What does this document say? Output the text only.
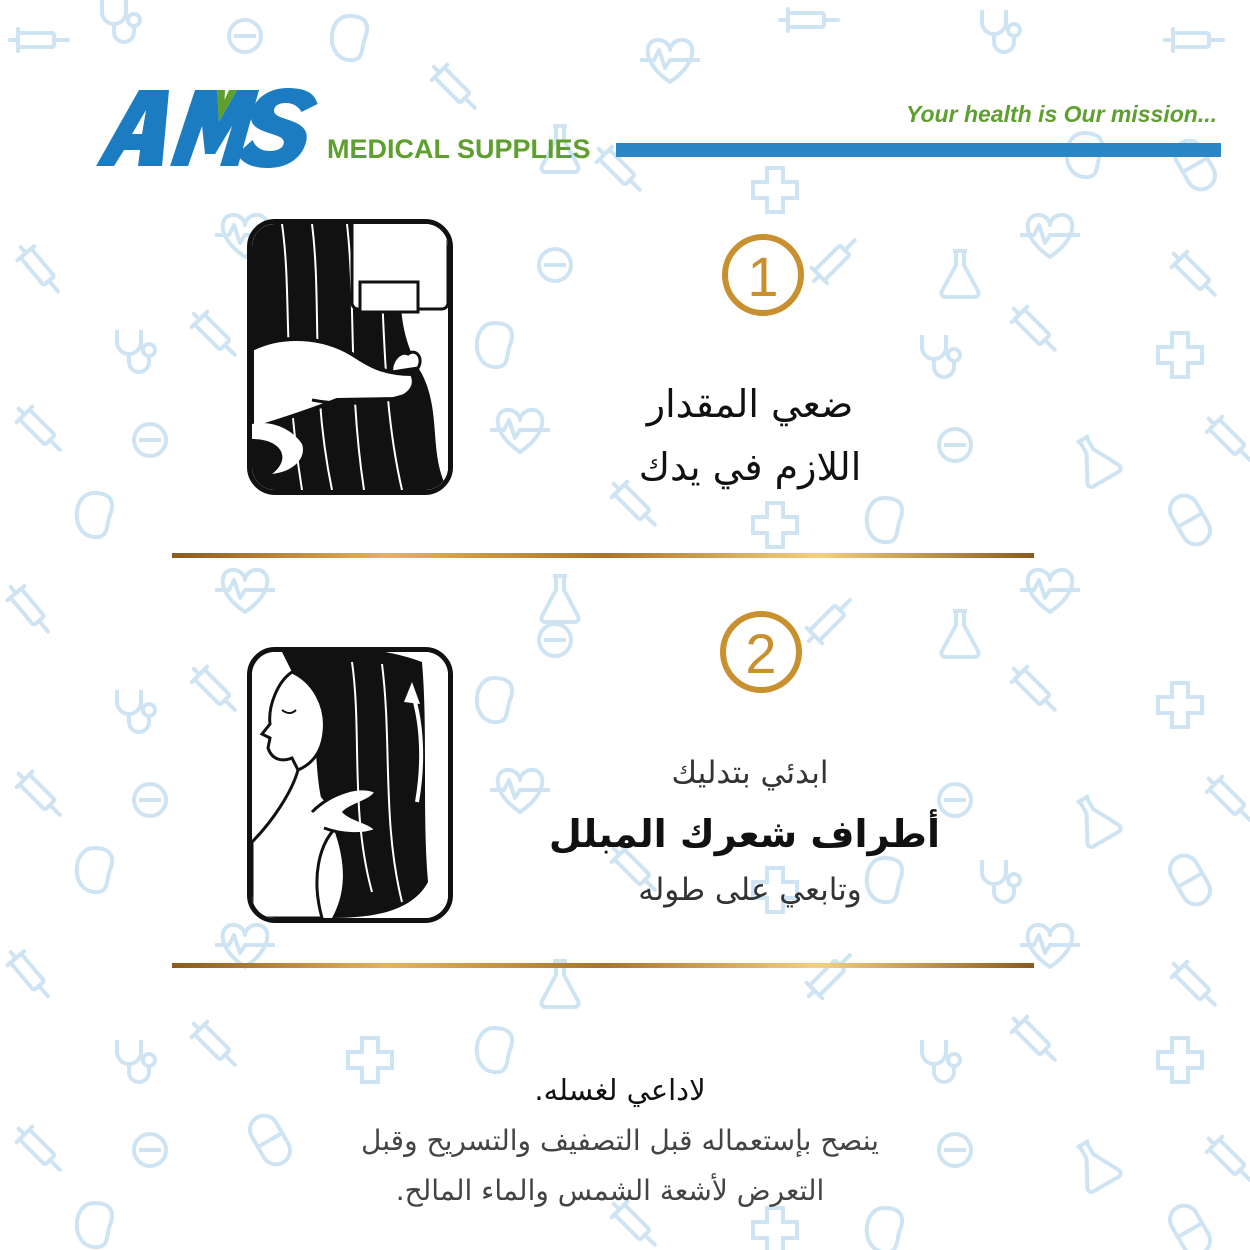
MEDICAL SUPPLIES
Your health is Our mission...
1
ضعي المقدار
اللازم في يدك
2
ابدئي بتدليك
أطراف شعرك المبلل
وتابعي على طوله
لاداعي لغسله.
ينصح بإستعماله قبل التصفيف والتسريح وقبل
التعرض لأشعة الشمس والماء المالح.
